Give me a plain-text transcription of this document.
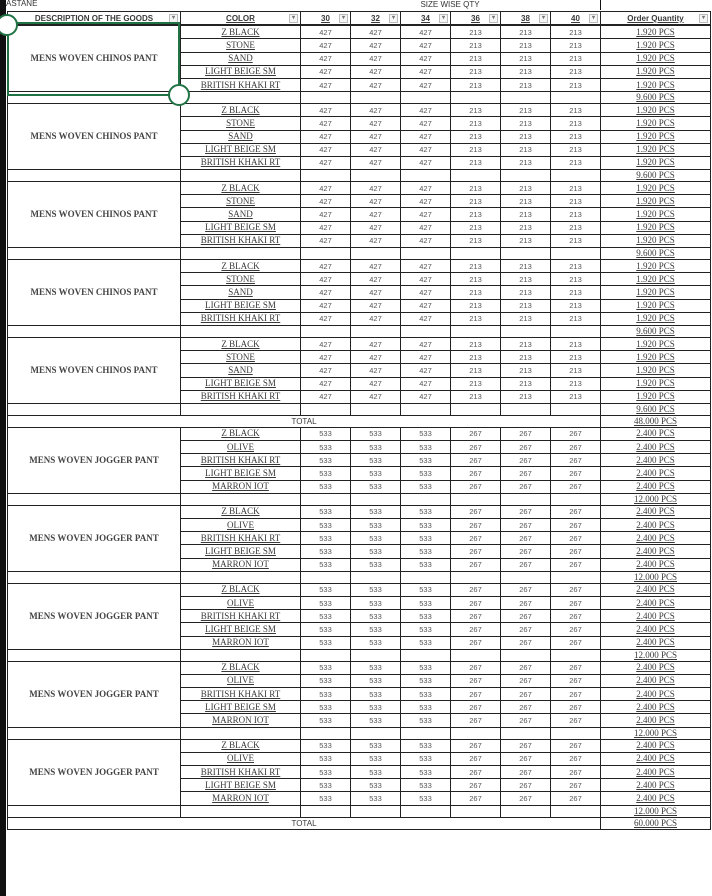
ASTANE	SIZE WISE QTY
DESCRIPTION OF THE GOODS ▾	COLOR ▾	30 ▾	32 ▾	34 ▾	36 ▾	38 ▾	40 ▾	Order Quantity ▾

MENS WOVEN CHINOS PANT	Z BLACK	427	427	427	213	213	213	1.920 PCS
	STONE	427	427	427	213	213	213	1.920 PCS
	SAND	427	427	427	213	213	213	1.920 PCS
	LIGHT BEIGE SM	427	427	427	213	213	213	1.920 PCS
	BRITISH KHAKI RT	427	427	427	213	213	213	1.920 PCS
								9.600 PCS
MENS WOVEN CHINOS PANT	Z BLACK	427	427	427	213	213	213	1.920 PCS
	STONE	427	427	427	213	213	213	1.920 PCS
	SAND	427	427	427	213	213	213	1.920 PCS
	LIGHT BEIGE SM	427	427	427	213	213	213	1.920 PCS
	BRITISH KHAKI RT	427	427	427	213	213	213	1.920 PCS
								9.600 PCS
MENS WOVEN CHINOS PANT	Z BLACK	427	427	427	213	213	213	1.920 PCS
	STONE	427	427	427	213	213	213	1.920 PCS
	SAND	427	427	427	213	213	213	1.920 PCS
	LIGHT BEIGE SM	427	427	427	213	213	213	1.920 PCS
	BRITISH KHAKI RT	427	427	427	213	213	213	1.920 PCS
								9.600 PCS
MENS WOVEN CHINOS PANT	Z BLACK	427	427	427	213	213	213	1.920 PCS
	STONE	427	427	427	213	213	213	1.920 PCS
	SAND	427	427	427	213	213	213	1.920 PCS
	LIGHT BEIGE SM	427	427	427	213	213	213	1.920 PCS
	BRITISH KHAKI RT	427	427	427	213	213	213	1.920 PCS
								9.600 PCS
MENS WOVEN CHINOS PANT	Z BLACK	427	427	427	213	213	213	1.920 PCS
	STONE	427	427	427	213	213	213	1.920 PCS
	SAND	427	427	427	213	213	213	1.920 PCS
	LIGHT BEIGE SM	427	427	427	213	213	213	1.920 PCS
	BRITISH KHAKI RT	427	427	427	213	213	213	1.920 PCS
								9.600 PCS
TOTAL								48.000 PCS
MENS WOVEN JOGGER PANT	Z BLACK	533	533	533	267	267	267	2.400 PCS
	OLIVE	533	533	533	267	267	267	2.400 PCS
	BRITISH KHAKI RT	533	533	533	267	267	267	2.400 PCS
	LIGHT BEIGE SM	533	533	533	267	267	267	2.400 PCS
	MARRON IOT	533	533	533	267	267	267	2.400 PCS
								12.000 PCS
MENS WOVEN JOGGER PANT	Z BLACK	533	533	533	267	267	267	2.400 PCS
	OLIVE	533	533	533	267	267	267	2.400 PCS
	BRITISH KHAKI RT	533	533	533	267	267	267	2.400 PCS
	LIGHT BEIGE SM	533	533	533	267	267	267	2.400 PCS
	MARRON IOT	533	533	533	267	267	267	2.400 PCS
								12.000 PCS
MENS WOVEN JOGGER PANT	Z BLACK	533	533	533	267	267	267	2.400 PCS
	OLIVE	533	533	533	267	267	267	2.400 PCS
	BRITISH KHAKI RT	533	533	533	267	267	267	2.400 PCS
	LIGHT BEIGE SM	533	533	533	267	267	267	2.400 PCS
	MARRON IOT	533	533	533	267	267	267	2.400 PCS
								12.000 PCS
MENS WOVEN JOGGER PANT	Z BLACK	533	533	533	267	267	267	2.400 PCS
	OLIVE	533	533	533	267	267	267	2.400 PCS
	BRITISH KHAKI RT	533	533	533	267	267	267	2.400 PCS
	LIGHT BEIGE SM	533	533	533	267	267	267	2.400 PCS
	MARRON IOT	533	533	533	267	267	267	2.400 PCS
								12.000 PCS
MENS WOVEN JOGGER PANT	Z BLACK	533	533	533	267	267	267	2.400 PCS
	OLIVE	533	533	533	267	267	267	2.400 PCS
	BRITISH KHAKI RT	533	533	533	267	267	267	2.400 PCS
	LIGHT BEIGE SM	533	533	533	267	267	267	2.400 PCS
	MARRON IOT	533	533	533	267	267	267	2.400 PCS
								12.000 PCS
TOTAL								60.000 PCS
